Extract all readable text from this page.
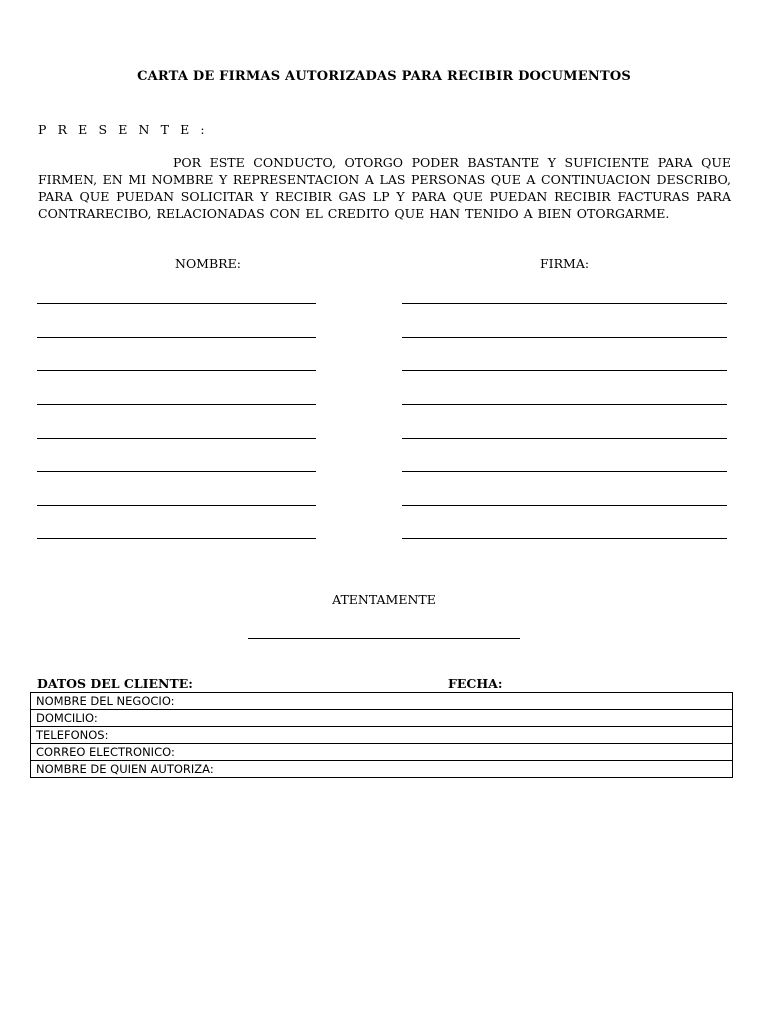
CARTA DE FIRMAS AUTORIZADAS PARA RECIBIR DOCUMENTOS
P R E S E N T E :

POR ESTE CONDUCTO, OTORGO PODER BASTANTE Y SUFICIENTE PARA QUE FIRMEN, EN MI NOMBRE Y REPRESENTACION A LAS PERSONAS QUE A CONTINUACION DESCRIBO, PARA QUE PUEDAN SOLICITAR Y RECIBIR GAS LP Y PARA QUE PUEDAN RECIBIR FACTURAS PARA CONTRARECIBO, RELACIONADAS CON EL CREDITO QUE HAN TENIDO A BIEN OTORGARME.

NOMBRE:	FIRMA:
ATENTAMENTE
DATOS DEL CLIENTE:	FECHA:
NOMBRE DEL NEGOCIO:
DOMCILIO:
TELEFONOS:
CORREO ELECTRONICO:
NOMBRE DE QUIEN AUTORIZA:
